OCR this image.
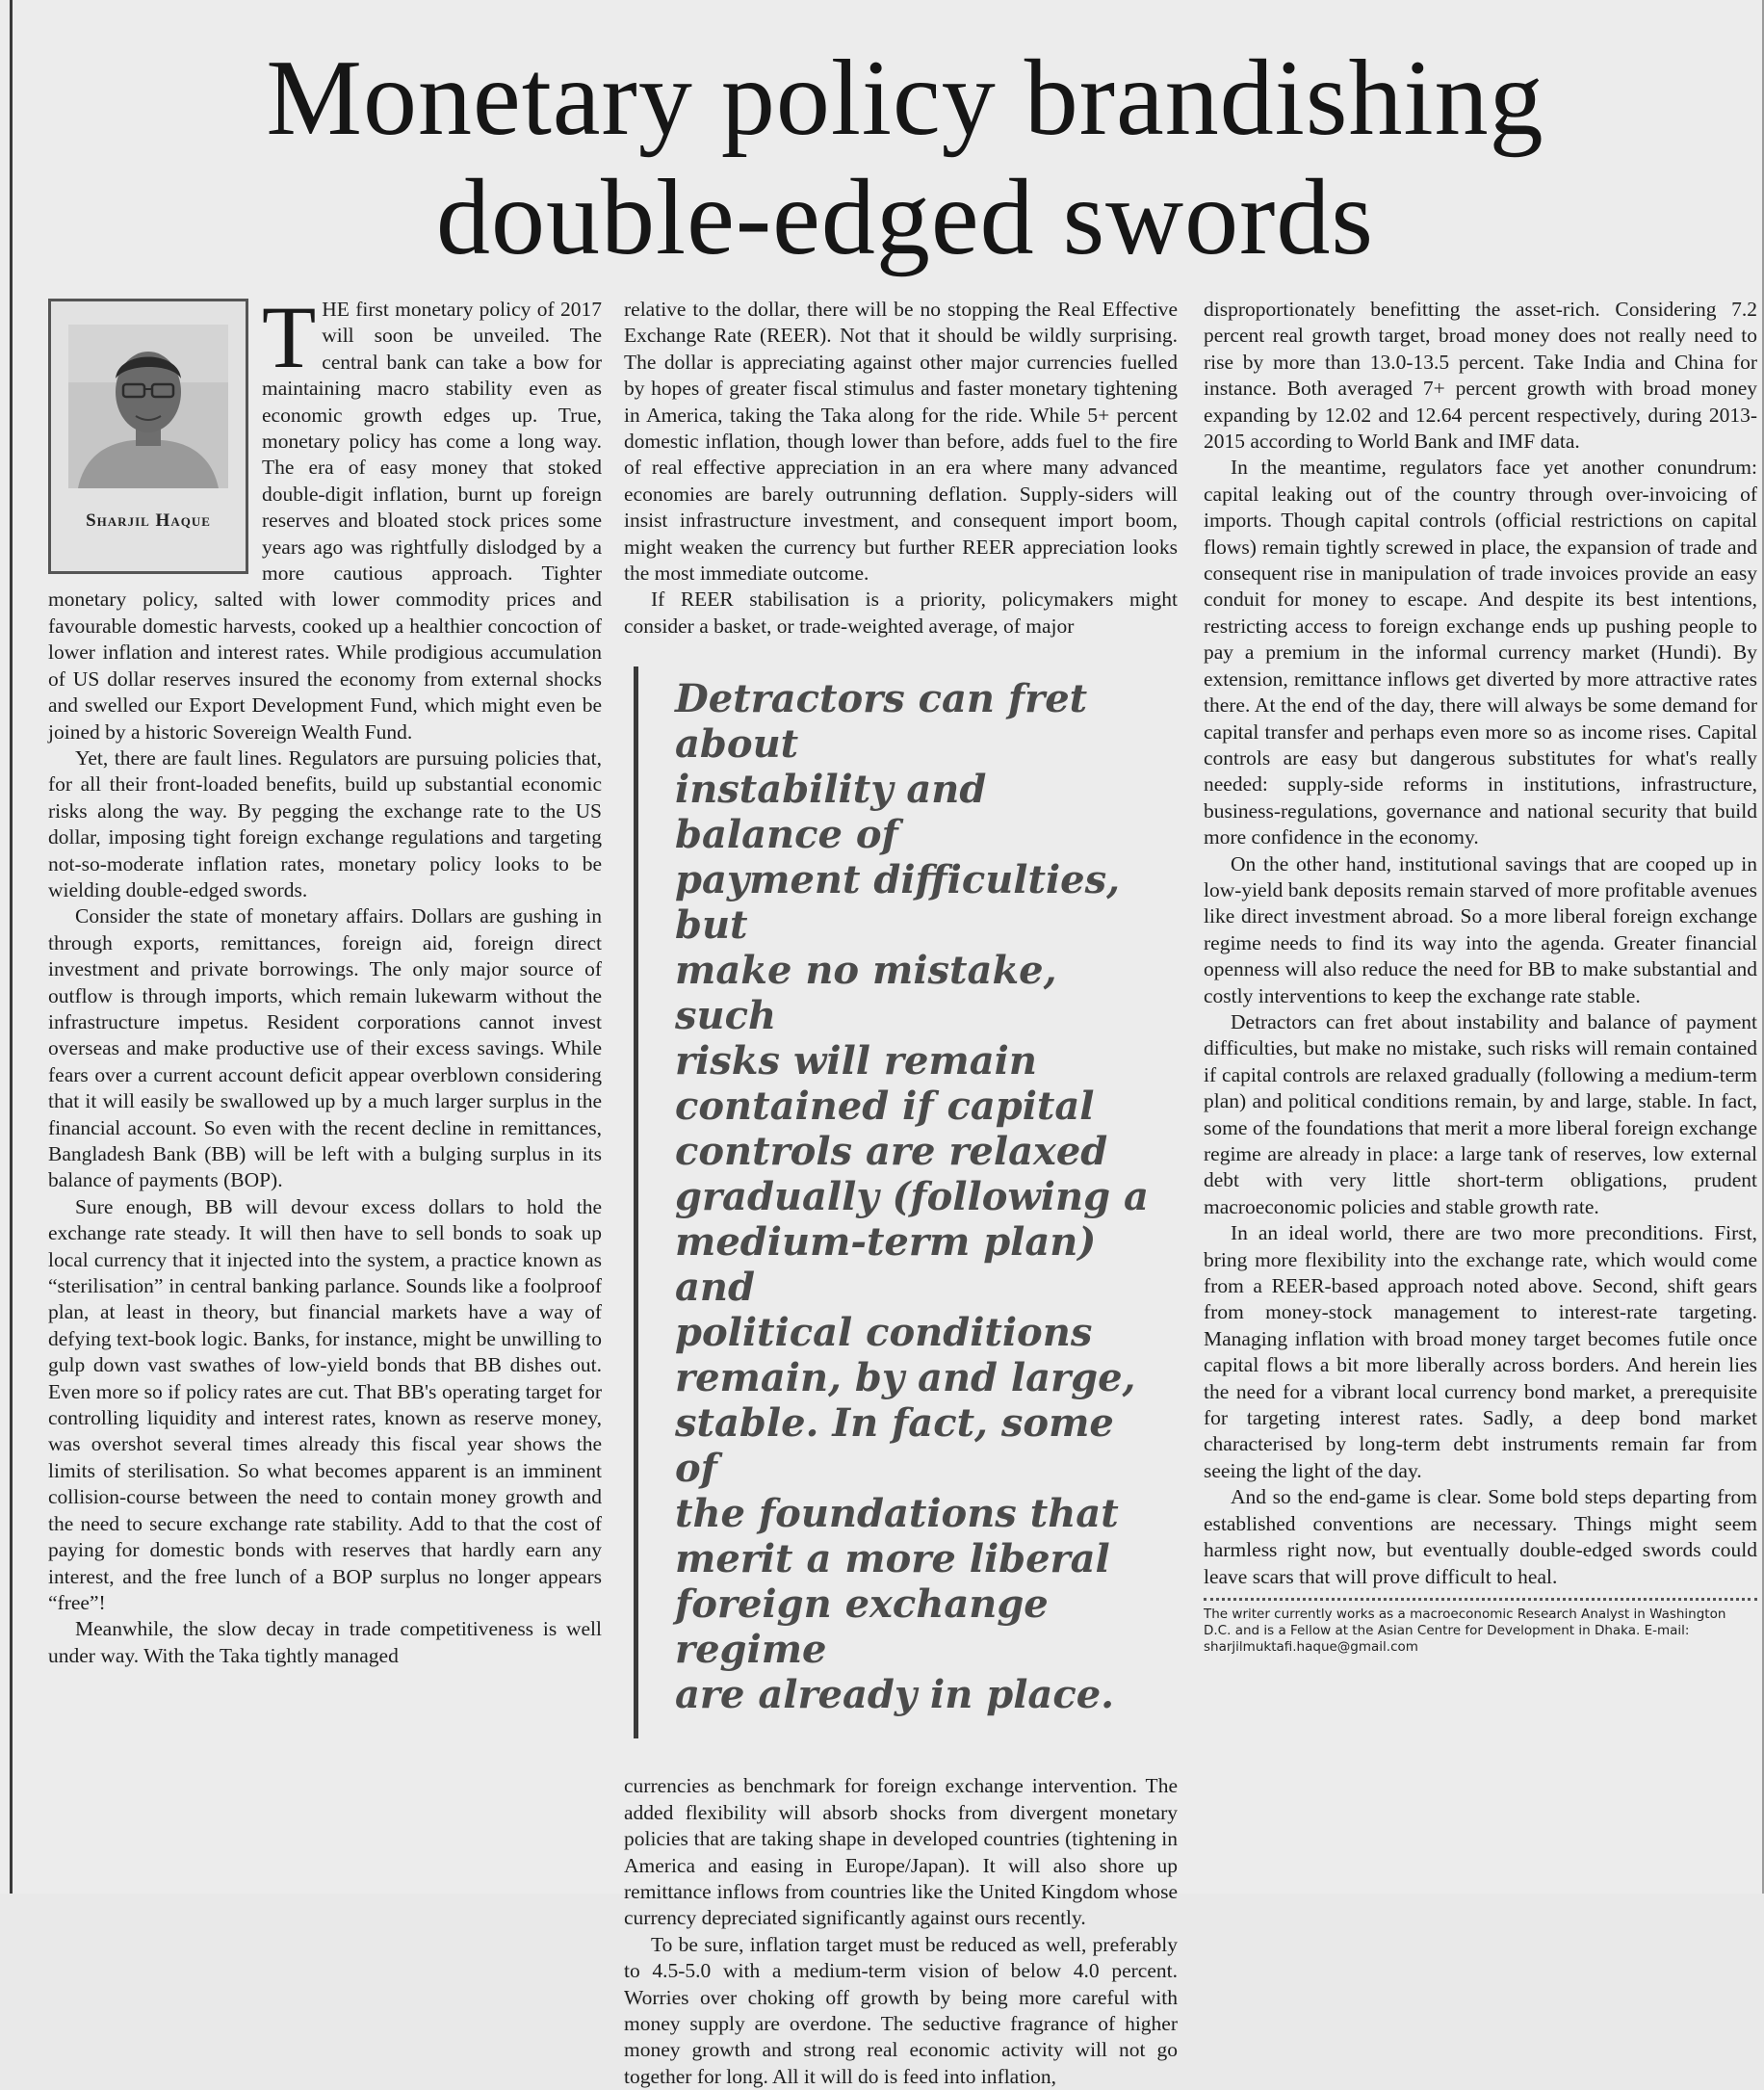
Monetary policy brandishing
double-edged swords
Sharjil Haque

THE first monetary policy of 2017 will soon be unveiled. The central bank can take a bow for maintaining macro stability even as economic growth edges up. True, monetary policy has come a long way. The era of easy money that stoked double-digit inflation, burnt up foreign reserves and bloated stock prices some years ago was rightfully dislodged by a more cautious approach. Tighter monetary policy, salted with lower commodity prices and favourable domestic harvests, cooked up a healthier concoction of lower inflation and interest rates. While prodigious accumulation of US dollar reserves insured the economy from external shocks and swelled our Export Development Fund, which might even be joined by a historic Sovereign Wealth Fund.

Yet, there are fault lines. Regulators are pursuing policies that, for all their front-loaded benefits, build up substantial economic risks along the way. By pegging the exchange rate to the US dollar, imposing tight foreign exchange regulations and targeting not-so-moderate inflation rates, monetary policy looks to be wielding double-edged swords.

Consider the state of monetary affairs. Dollars are gushing in through exports, remittances, foreign aid, foreign direct investment and private borrowings. The only major source of outflow is through imports, which remain lukewarm without the infrastructure impetus. Resident corporations cannot invest overseas and make productive use of their excess savings. While fears over a current account deficit appear overblown considering that it will easily be swallowed up by a much larger surplus in the financial account. So even with the recent decline in remittances, Bangladesh Bank (BB) will be left with a bulging surplus in its balance of payments (BOP).

Sure enough, BB will devour excess dollars to hold the exchange rate steady. It will then have to sell bonds to soak up local currency that it injected into the system, a practice known as “sterilisation” in central banking parlance. Sounds like a foolproof plan, at least in theory, but financial markets have a way of defying text-book logic. Banks, for instance, might be unwilling to gulp down vast swathes of low-yield bonds that BB dishes out. Even more so if policy rates are cut. That BB's operating target for controlling liquidity and interest rates, known as reserve money, was overshot several times already this fiscal year shows the limits of sterilisation. So what becomes apparent is an imminent collision-course between the need to contain money growth and the need to secure exchange rate stability. Add to that the cost of paying for domestic bonds with reserves that hardly earn any interest, and the free lunch of a BOP surplus no longer appears “free”!

Meanwhile, the slow decay in trade competitiveness is well under way. With the Taka tightly managed

relative to the dollar, there will be no stopping the Real Effective Exchange Rate (REER). Not that it should be wildly surprising. The dollar is appreciating against other major currencies fuelled by hopes of greater fiscal stimulus and faster monetary tightening in America, taking the Taka along for the ride. While 5+ percent domestic inflation, though lower than before, adds fuel to the fire of real effective appreciation in an era where many advanced economies are barely outrunning deflation. Supply-siders will insist infrastructure investment, and consequent import boom, might weaken the currency but further REER appreciation looks the most immediate outcome.

If REER stabilisation is a priority, policymakers might consider a basket, or trade-weighted average, of major

Detractors can fret about
instability and balance of
payment difficulties, but
make no mistake, such
risks will remain
contained if capital
controls are relaxed
gradually (following a
medium-term plan) and
political conditions
remain, by and large,
stable. In fact, some of
the foundations that
merit a more liberal
foreign exchange regime
are already in place.

currencies as benchmark for foreign exchange intervention. The added flexibility will absorb shocks from divergent monetary policies that are taking shape in developed countries (tightening in America and easing in Europe/Japan). It will also shore up remittance inflows from countries like the United Kingdom whose currency depreciated significantly against ours recently.

To be sure, inflation target must be reduced as well, preferably to 4.5-5.0 with a medium-term vision of below 4.0 percent. Worries over choking off growth by being more careful with money supply are overdone. The seductive fragrance of higher money growth and strong real economic activity will not go together for long. All it will do is feed into inflation,

disproportionately benefitting the asset-rich. Considering 7.2 percent real growth target, broad money does not really need to rise by more than 13.0-13.5 percent. Take India and China for instance. Both averaged 7+ percent growth with broad money expanding by 12.02 and 12.64 percent respectively, during 2013-2015 according to World Bank and IMF data.

In the meantime, regulators face yet another conundrum: capital leaking out of the country through over-invoicing of imports. Though capital controls (official restrictions on capital flows) remain tightly screwed in place, the expansion of trade and consequent rise in manipulation of trade invoices provide an easy conduit for money to escape. And despite its best intentions, restricting access to foreign exchange ends up pushing people to pay a premium in the informal currency market (Hundi). By extension, remittance inflows get diverted by more attractive rates there. At the end of the day, there will always be some demand for capital transfer and perhaps even more so as income rises. Capital controls are easy but dangerous substitutes for what's really needed: supply-side reforms in institutions, infrastructure, business-regulations, governance and national security that build more confidence in the economy.

On the other hand, institutional savings that are cooped up in low-yield bank deposits remain starved of more profitable avenues like direct investment abroad. So a more liberal foreign exchange regime needs to find its way into the agenda. Greater financial openness will also reduce the need for BB to make substantial and costly interventions to keep the exchange rate stable.

Detractors can fret about instability and balance of payment difficulties, but make no mistake, such risks will remain contained if capital controls are relaxed gradually (following a medium-term plan) and political conditions remain, by and large, stable. In fact, some of the foundations that merit a more liberal foreign exchange regime are already in place: a large tank of reserves, low external debt with very little short-term obligations, prudent macroeconomic policies and stable growth rate.

In an ideal world, there are two more preconditions. First, bring more flexibility into the exchange rate, which would come from a REER-based approach noted above. Second, shift gears from money-stock management to interest-rate targeting. Managing inflation with broad money target becomes futile once capital flows a bit more liberally across borders. And herein lies the need for a vibrant local currency bond market, a prerequisite for targeting interest rates. Sadly, a deep bond market characterised by long-term debt instruments remain far from seeing the light of the day.

And so the end-game is clear. Some bold steps departing from established conventions are necessary. Things might seem harmless right now, but eventually double-edged swords could leave scars that will prove difficult to heal.

The writer currently works as a macroeconomic Research Analyst in Washington D.C. and is a Fellow at the Asian Centre for Development in Dhaka. E-mail: sharjilmuktafi.haque@gmail.com
